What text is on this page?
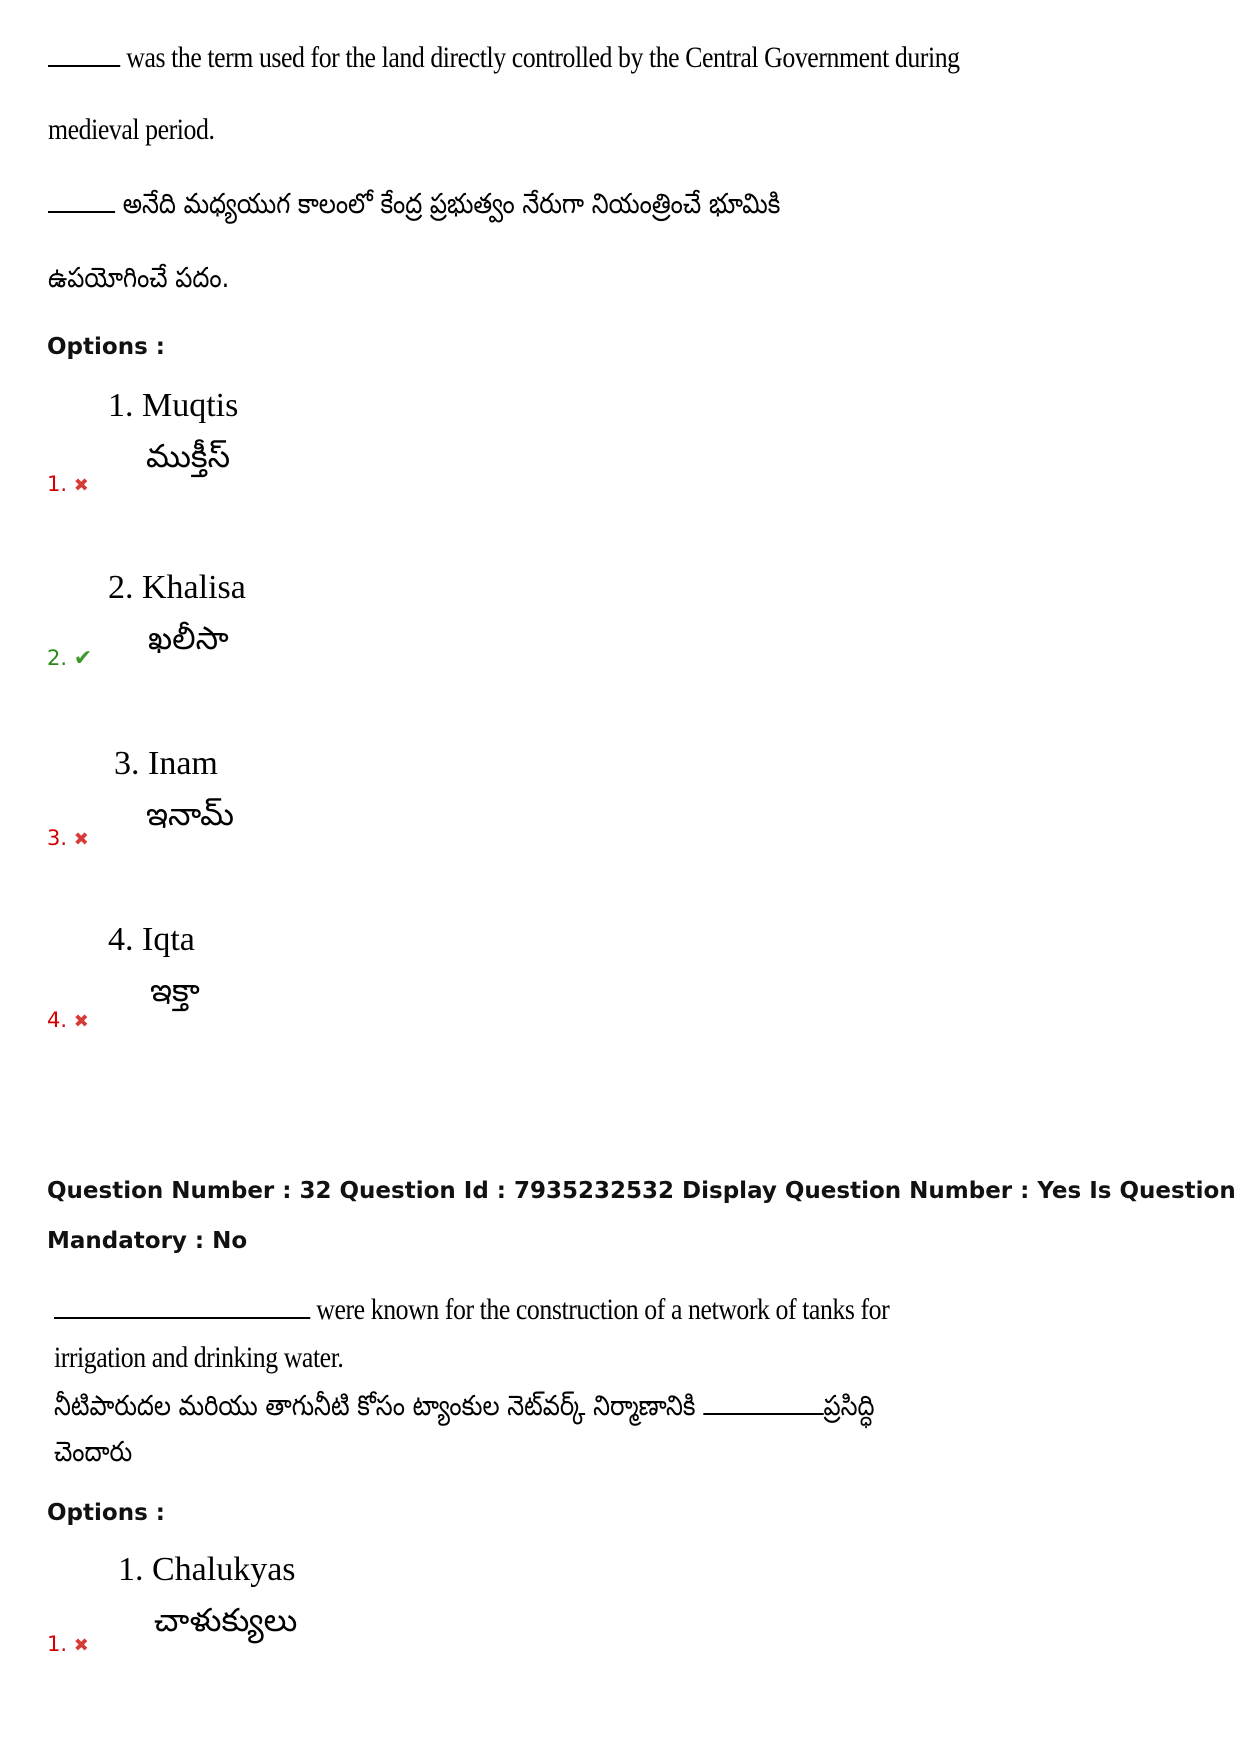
was the term used for the land directly controlled by the Central Government during
medieval period.
అనేది మధ్యయుగ కాలంలో కేంద్ర ప్రభుత్వం నేరుగా నియంత్రించే భూమికి
ఉపయోగించే పదం.
Options :
1. Muqtis
ముక్తీస్
1. ✖
2. Khalisa
ఖలీసా
2. ✔
3. Inam
ఇనామ్
3. ✖
4. Iqta
ఇక్తా
4. ✖
Question Number : 32 Question Id : 7935232532 Display Question Number : Yes Is Question
Mandatory : No
were known for the construction of a network of tanks for
irrigation and drinking water.
నీటిపారుదల మరియు తాగునీటి కోసం ట్యాంకుల నెట్‌వర్క్ నిర్మాణానికి	ప్రసిద్ధి
చెందారు
Options :
1. Chalukyas
చాళుక్యులు
1. ✖
